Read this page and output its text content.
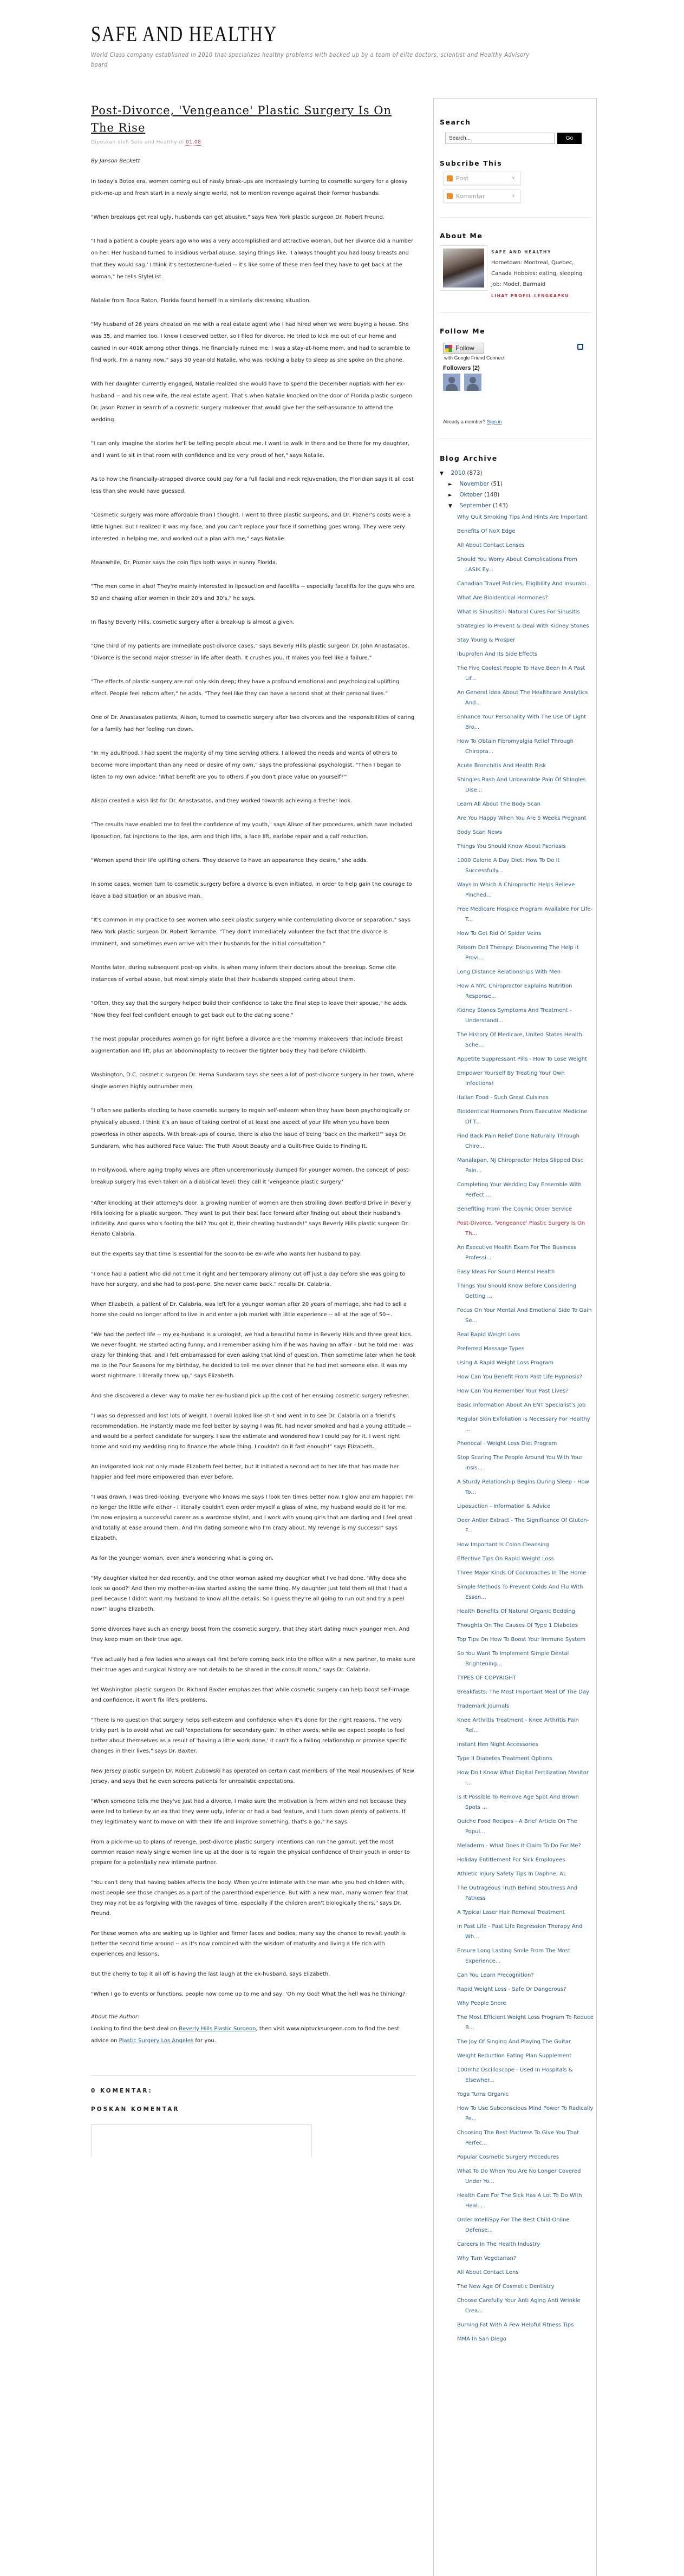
SAFE AND HEALTHY
World Class company established in 2010 that specializes healthy problems with backed up by a team of elite doctors, scientist and Healthy Advisory board
Post-Divorce, 'Vengeance' Plastic Surgery Is On The Rise
Diposkan oleh Safe and Healthy di 01.08
By Janson Beckett

In today's Botox era, women coming out of nasty break-ups are increasingly turning to cosmetic surgery for a glossy pick-me-up and fresh start in a newly single world, not to mention revenge against their former husbands.

"When breakups get real ugly, husbands can get abusive," says New York plastic surgeon Dr. Robert Freund.

"I had a patient a couple years ago who was a very accomplished and attractive woman, but her divorce did a number on her. Her husband turned to insidious verbal abuse, saying things like, 'I always thought you had lousy breasts and that they would sag.' I think it's testosterone-fueled -- it's like some of these men feel they have to get back at the woman," he tells StyleList.

Natalie from Boca Raton, Florida found herself in a similarly distressing situation.

"My husband of 26 years cheated on me with a real estate agent who I had hired when we were buying a house. She was 35, and married too. I knew I deserved better, so I filed for divorce. He tried to kick me out of our home and cashed in our 401K among other things. He financially ruined me. I was a stay-at-home mom, and had to scramble to find work. I'm a nanny now," says 50 year-old Natalie, who was rocking a baby to sleep as she spoke on the phone.

With her daughter currently engaged, Natalie realized she would have to spend the December nuptials with her ex-husband -- and his new wife, the real estate agent. That's when Natalie knocked on the door of Florida plastic surgeon Dr. Jason Pozner in search of a cosmetic surgery makeover that would give her the self-assurance to attend the wedding.

"I can only imagine the stories he'll be telling people about me. I want to walk in there and be there for my daughter, and I want to sit in that room with confidence and be very proud of her," says Natalie.

As to how the financially-strapped divorce could pay for a full facial and neck rejuvenation, the Floridian says it all cost less than she would have guessed.

"Cosmetic surgery was more affordable than I thought. I went to three plastic surgeons, and Dr. Pozner's costs were a little higher. But I realized it was my face, and you can't replace your face if something goes wrong. They were very interested in helping me, and worked out a plan with me," says Natalie.

Meanwhile, Dr. Pozner says the coin flips both ways in sunny Florida.

"The men come in also! They're mainly interested in liposuction and facelifts -- especially facelifts for the guys who are 50 and chasing after women in their 20's and 30's," he says.

In flashy Beverly Hills, cosmetic surgery after a break-up is almost a given.

"One third of my patients are immediate post-divorce cases," says Beverly Hills plastic surgeon Dr. John Anastasatos. "Divorce is the second major stresser in life after death. It crushes you. It makes you feel like a failure."

"The effects of plastic surgery are not only skin deep; they have a profound emotional and psychological uplifting effect. People feel reborn after," he adds. "They feel like they can have a second shot at their personal lives."

One of Dr. Anastasatos patients, Alison, turned to cosmetic surgery after two divorces and the responsibilities of caring for a family had her feeling run down.

"In my adulthood, I had spent the majority of my time serving others. I allowed the needs and wants of others to become more important than any need or desire of my own," says the professional psychologist. "Then I began to listen to my own advice. 'What benefit are you to others if you don't place value on yourself?'"

Alison created a wish list for Dr. Anastasatos, and they worked towards achieving a fresher look.

"The results have enabled me to feel the confidence of my youth," says Alison of her procedures, which have included liposuction, fat injections to the lips, arm and thigh lifts, a face lift, earlobe repair and a calf reduction.

"Women spend their life uplifting others. They deserve to have an appearance they desire," she adds.

In some cases, women turn to cosmetic surgery before a divorce is even initiated, in order to help gain the courage to leave a bad situation or an abusive man.

"It's common in my practice to see women who seek plastic surgery while contemplating divorce or separation," says New York plastic surgeon Dr. Robert Tornambe. "They don't immediately volunteer the fact that the divorce is imminent, and sometimes even arrive with their husbands for the initial consultation."

Months later, during subsequent post-op visits, is when many inform their doctors about the breakup. Some cite instances of verbal abuse, but most simply state that their husbands stopped caring about them.

"Often, they say that the surgery helped build their confidence to take the final step to leave their spouse," he adds. "Now they feel feel confident enough to get back out to the dating scene."

The most popular procedures women go for right before a divorce are the 'mommy makeovers' that include breast augmentation and lift, plus an abdominoplasty to recover the tighter body they had before childbirth.

Washington, D.C. cosmetic surgeon Dr. Hema Sundaram says she sees a lot of post-divorce surgery in her town, where single women highly outnumber men.

"I often see patients electing to have cosmetic surgery to regain self-esteem when they have been psychologically or physically abused. I think it's an issue of taking control of at least one aspect of your life when you have been powerless in other aspects. With break-ups of course, there is also the issue of being 'back on the market!'" says Dr. Sundaram, who has authored Face Value: The Truth About Beauty and a Guilt-Free Guide to Finding It.

In Hollywood, where aging trophy wives are often unceremoniously dumped for younger women, the concept of post-breakup surgery has even taken on a diabolical level: they call it 'vengeance plastic surgery.'

"After knocking at their attorney's door, a growing number of women are then strolling down Bedford Drive in Beverly Hills looking for a plastic surgeon. They want to put their best face forward after finding out about their husband's infidelity. And guess who's footing the bill? You got it, their cheating husbands!" says Beverly Hills plastic surgeon Dr. Renato Calabria.

But the experts say that time is essential for the soon-to-be ex-wife who wants her husband to pay.

"I once had a patient who did not time it right and her temporary alimony cut off just a day before she was going to have her surgery, and she had to post-pone. She never came back." recalls Dr. Calabria.

When Elizabeth, a patient of Dr. Calabria, was left for a younger woman after 20 years of marriage, she had to sell a home she could no longer afford to live in and enter a job market with little experience -- all at the age of 50+.

"We had the perfect life -- my ex-husband is a urologist, we had a beautiful home in Beverly Hills and three great kids. We never fought. He started acting funny, and I remember asking him if he was having an affair - but he told me I was crazy for thinking that, and I felt embarrassed for even asking that kind of question. Then sometime later when he took me to the Four Seasons for my birthday, he decided to tell me over dinner that he had met someone else. It was my worst nightmare. I literally threw up," says Elizabeth.

And she discovered a clever way to make her ex-husband pick up the cost of her ensuing cosmetic surgery refresher.

"I was so depressed and lost lots of weight. I overall looked like sh-t and went in to see Dr. Calabria on a friend's recommendation. He instantly made me feel better by saying I was fit, had never smoked and had a young attitude -- and would be a perfect candidate for surgery. I saw the estimate and wondered how I could pay for it. I went right home and sold my wedding ring to finance the whole thing. I couldn't do it fast enough!" says Elizabeth.

An invigorated look not only made Elizabeth feel better, but it initiated a second act to her life that has made her happier and feel more empowered than ever before.

"I was drawn, I was tired-looking. Everyone who knows me says I look ten times better now. I glow and am happier. I'm no longer the little wife either - I literally couldn't even order myself a glass of wine, my husband would do it for me. I'm now enjoying a successful career as a wardrobe stylist, and I work with young girls that are darling and I feel great and totally at ease around them. And I'm dating someone who I'm crazy about. My revenge is my success!" says Elizabeth.

As for the younger woman, even she's wondering what is going on.

"My daughter visited her dad recently, and the other woman asked my daughter what I've had done. 'Why does she look so good?' And then my mother-in-law started asking the same thing. My daughter just told them all that I had a peel because I didn't want my husband to know all the details. So I guess they're all going to run out and try a peel now!" laughs Elizabeth.

Some divorces have such an energy boost from the cosmetic surgery, that they start dating much younger men. And they keep mum on their true age.

"I've actually had a few ladies who always call first before coming back into the office with a new partner, to make sure their true ages and surgical history are not details to be shared in the consult room," says Dr. Calabria.

Yet Washington plastic surgeon Dr. Richard Baxter emphasizes that while cosmetic surgery can help boost self-image and confidence, it won't fix life's problems.

"There is no question that surgery helps self-esteem and confidence when it's done for the right reasons. The very tricky part is to avoid what we call 'expectations for secondary gain.' In other words, while we expect people to feel better about themselves as a result of 'having a little work done,' it can't fix a failing relationship or promise specific changes in their lives," says Dr. Baxter.

New Jersey plastic surgeon Dr. Robert Zubowski has operated on certain cast members of The Real Housewives of New Jersey, and says that he even screens patients for unrealistic expectations.

"When someone tells me they've just had a divorce, I make sure the motivation is from within and not because they were led to believe by an ex that they were ugly, inferior or had a bad feature, and I turn down plenty of patients. If they legitimately want to move on with their life and improve something, that's a go," he says.

From a pick-me-up to plans of revenge, post-divorce plastic surgery intentions can run the gamut; yet the most common reason newly single women line up at the door is to regain the physical confidence of their youth in order to prepare for a potentially new intimate partner.

"You can't deny that having babies affects the body. When you're intimate with the man who you had children with, most people see those changes as a part of the parenthood experience. But with a new man, many women fear that they may not be as forgiving with the ravages of time, especially if the children aren't biologically theirs," says Dr. Freund.

For these women who are waking up to tighter and firmer faces and bodies, many say the chance to revisit youth is better the second time around -- as it's now combined with the wisdom of maturity and living a life rich with experiences and lessons.

But the cherry to top it all off is having the last laugh at the ex-husband, says Elizabeth.

"When I go to events or functions, people now come up to me and say, 'Oh my God! What the hell was he thinking?

About the Author:
Looking to find the best deal on Beverly Hills Plastic Surgeon, then visit www.niptucksurgeon.com to find the best advice on Plastic Surgery Los Angeles for you.
0 KOMENTAR:
POSKAN KOMENTAR
Search
Search...
Go
Subcribe This
Post	∨
Komentar	∨
About Me
SAFE AND HEALTHY
Hometown: Montreal, Quebec, Canada Hobbies: eating, sleeping Job: Model, Barmaid
LIHAT PROFIL LENGKAPKU
Follow Me
Follow
with Google Friend Connect
Followers (2)
Already a member? Sign in
Blog Archive
▼ 2010 (873)
► November (51)
► Oktober (148)
▼ September (143)
Why Quit Smoking Tips And Hints Are Important
Benefits Of NoX Edge
All About Contact Lenses
Should You Worry About Complications From LASIK Ey...
Canadian Travel Policies, Eligibility And Insurabi...
What Are Bioidentical Hormones?
What Is Sinusitis?: Natural Cures For Sinusitis
Strategies To Prevent & Deal With Kidney Stones
Stay Young & Prosper
Ibuprofen And Its Side Effects
The Five Coolest People To Have Been In A Past Lif...
An General Idea About The Healthcare Analytics And...
Enhance Your Personality With The Use Of Light Bro...
How To Obtain Fibromyalgia Relief Through Chiropra...
Acute Bronchitis And Health Risk
Shingles Rash And Unbearable Pain Of Shingles Dise...
Learn All About The Body Scan
Are You Happy When You Are 5 Weeks Pregnant
Body Scan News
Things You Should Know About Psoriasis
1000 Calorie A Day Diet: How To Do It Successfully...
Ways In Which A Chiropractic Helps Relieve Pinched...
Free Medicare Hospice Program Available For Life-T...
How To Get Rid Of Spider Veins
Reborn Doll Therapy: Discovering The Help It Provi...
Long Distance Relationships With Men
How A NYC Chiropractor Explains Nutrition Response...
Kidney Stones Symptoms And Treatment - Understandi...
The History Of Medicare, United States Health Sche...
Appetite Suppressant Pills - How To Lose Weight
Empower Yourself By Treating Your Own Infections!
Italian Food - Such Great Cuisines
Bioidentical Hormones From Executive Medicine Of T...
Find Back Pain Relief Done Naturally Through Chiro...
Manalapan, NJ Chiropractor Helps Slipped Disc Pain...
Completing Your Wedding Day Ensemble With Perfect ...
Benefiting From The Cosmic Order Service
Post-Divorce, 'Vengeance' Plastic Surgery Is On Th...
An Executive Health Exam For The Business Professi...
Easy Ideas For Sound Mental Health
Things You Should Know Before Considering Getting ...
Focus On Your Mental And Emotional Side To Gain Se...
Real Rapid Weight Loss
Preferred Massage Types
Using A Rapid Weight Loss Program
How Can You Benefit From Past Life Hypnosis?
How Can You Remember Your Past Lives?
Basic Information About An ENT Specialist's Job
Regular Skin Exfoliation Is Necessary For Healthy ...
Phenocal - Weight Loss Diet Program
Stop Scaring The People Around You With Your Insis...
A Sturdy Relationship Begins During Sleep - How To...
Liposuction - Information & Advice
Deer Antler Extract - The Significance Of Gluten-F...
How Important Is Colon Cleansing
Effective Tips On Rapid Weight Loss
Three Major Kinds Of Cockroaches In The Home
Simple Methods To Prevent Colds And Flu With Essen...
Health Benefits Of Natural Organic Bedding
Thoughts On The Causes Of Type 1 Diabetes
Top Tips On How To Boost Your Immune System
So You Want To Implement Simple Dental Brightening...
TYPES OF COPYRIGHT
Breakfasts: The Most Important Meal Of The Day
Trademark Journals
Knee Arthritis Treatment - Knee Arthritis Pain Rel...
Instant Hen Night Accessories
Type II Diabetes Treatment Options
How Do I Know What Digital Fertilization Monitor I...
Is It Possible To Remove Age Spot And Brown Spots ...
Quiche Food Recipes - A Brief Article On The Popul...
Meladerm - What Does It Claim To Do For Me?
Holiday Entitlement For Sick Employees
Athletic Injury Safety Tips In Daphne, AL
The Outrageous Truth Behind Stoutness And Fatness
A Typical Laser Hair Removal Treatment
In Past Life - Past Life Regression Therapy And Wh...
Ensure Long Lasting Smile From The Most Experience...
Can You Learn Precognition?
Rapid Weight Loss - Safe Or Dangerous?
Why People Snore
The Most Efficient Weight Loss Program To Reduce B...
The Joy Of Singing And Playing The Guitar
Weight Reduction Eating Plan Supplement
100mhz Oscilloscope - Used In Hospitals & Elsewher...
Yoga Turns Organic
How To Use Subconscious Mind Power To Radically Pe...
Choosing The Best Mattress To Give You That Perfec...
Popular Cosmetic Surgery Procedures
What To Do When You Are No Longer Covered Under Yo...
Health Care For The Sick Has A Lot To Do With Heal...
Order IntelliSpy For The Best Child Online Defense...
Careers In The Health Industry
Why Turn Vegetarian?
All About Contact Lens
The New Age Of Cosmetic Dentistry
Choose Carefully Your Anti Aging Anti Wrinkle Crea...
Burning Fat With A Few Helpful Fitness Tips
MMA In San Diego
